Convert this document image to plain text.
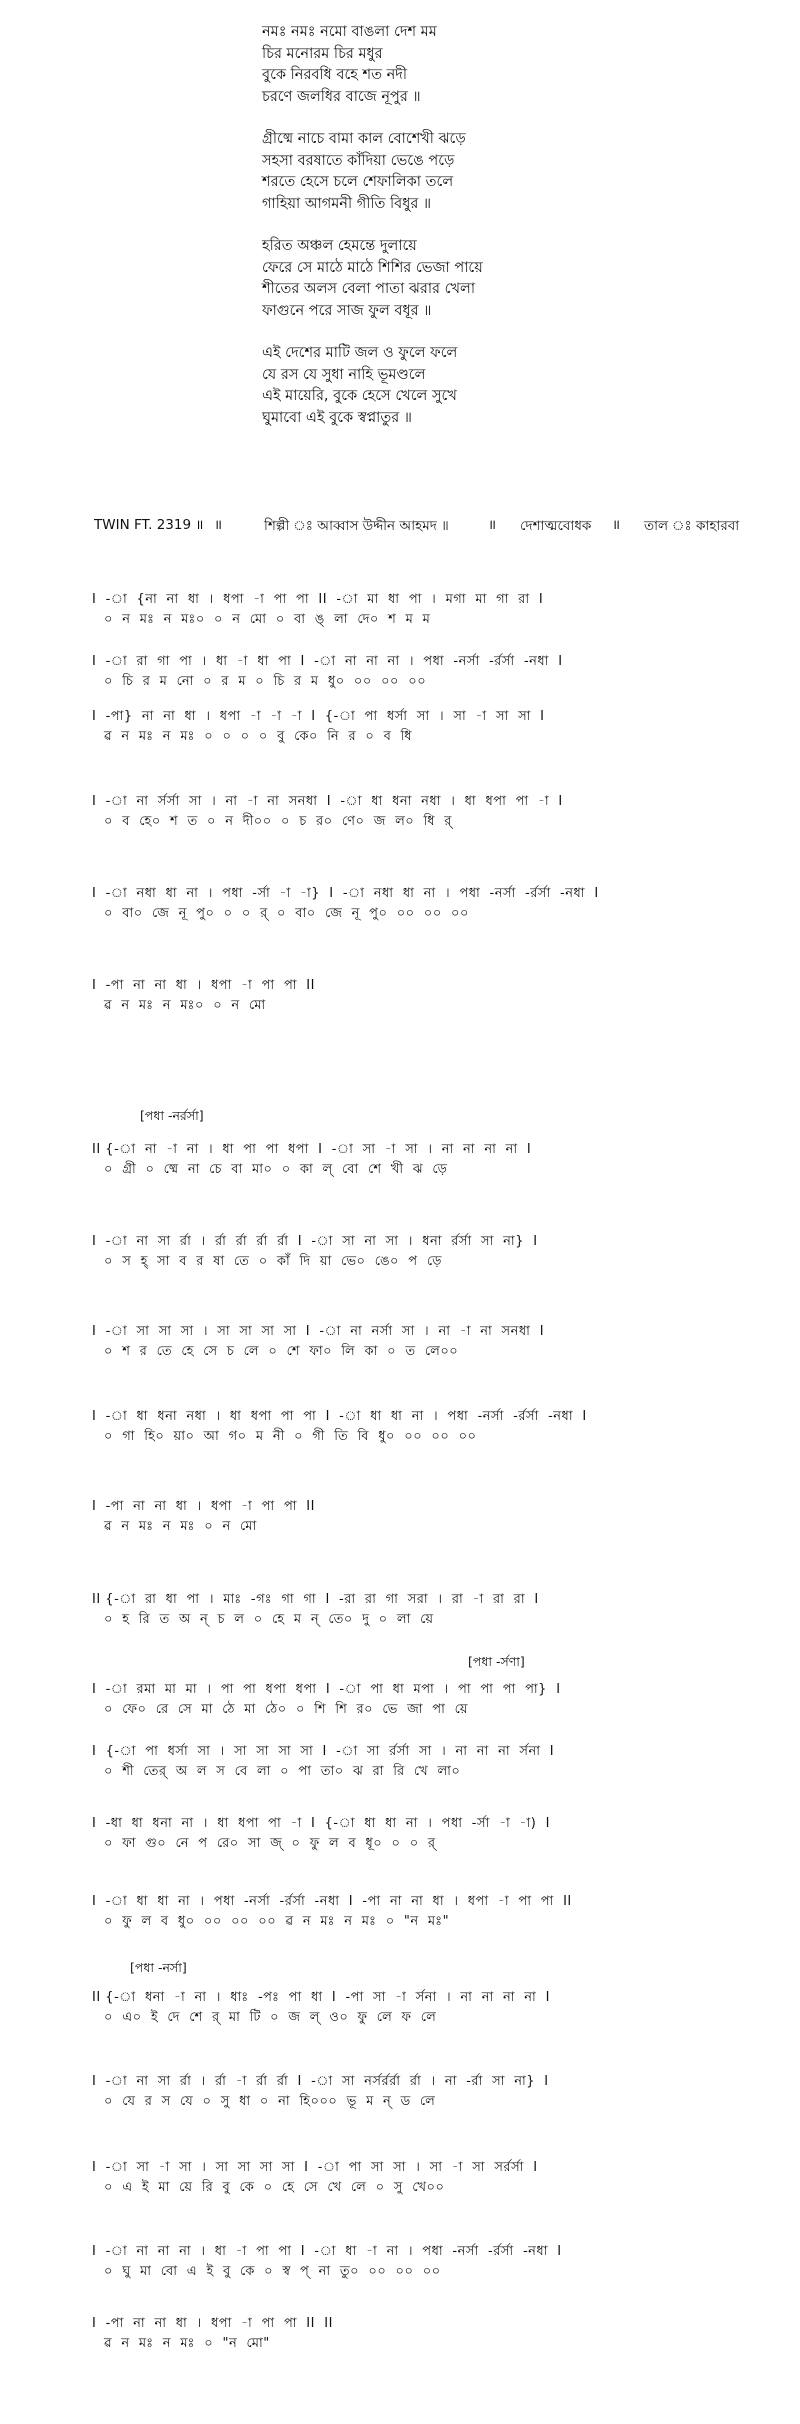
নমঃ নমঃ নমো বাঙলা দেশ মম
চির মনোরম চির মধুর
বুকে নিরবধি বহে শত নদী
চরণে জলধির বাজে নূপুর ॥
গ্রীষ্মে নাচে বামা কাল বোশেখী ঝড়ে
সহসা বরষাতে কাঁদিয়া ভেঙে পড়ে
শরতে হেসে চলে শেফালিকা তলে
গাহিয়া আগমনী গীতি বিধুর ॥
হরিত অঞ্চল হেমন্তে দুলায়ে
ফেরে সে মাঠে মাঠে শিশির ভেজা পায়ে
শীতের অলস বেলা পাতা ঝরার খেলা
ফাগুনে পরে সাজ ফুল বধূর ॥
এই দেশের মাটি জল ও ফুলে ফলে
যে রস যে সুধা নাহি ভূমণ্ডলে
এই মায়েরি, বুকে হেসে খেলে সুখে
ঘুমাবো এই বুকে স্বপ্নাতুর ॥
TWIN FT. 2319 ॥ ॥	শিল্পী ঃ আব্বাস উদ্দীন আহমদ ॥	॥ দেশাত্মবোধক ॥ তাল ঃ কাহারবা
I  -া  {না  না  ধা  ।  ধপা  -া  পা  পা  II  -া  মা  ধা  পা  ।  মগা  মা  গা  রা  I
০  ন  মঃ  ন  মঃ০  ০  ন  মো  ০  বা  ঙ্  লা  দে০  শ  ম  ম
I  -া  রা  গা  পা  ।  ধা  -া  ধা  পা  I  -া  না  না  না  ।  পধা  -নর্সা  -র্রর্সা  -নধা  I
০  চি  র  ম  নো  ০  র  ম  ০  চি  র  ম  ধু০  ০০  ০০  ০০
I  -পা}  না  না  ধা  ।  ধপা  -া  -া  -া  I  {-া  পা  ধর্সা  সা  ।  সা  -া  সা  সা  I
ৱ  ন  মঃ  ন  মঃ  ০  ০  ০  ০  বু  কে০  নি  র  ০  ব  ধি
I  -া  না  র্সর্সা  সা  ।  না  -া  না  সনধা  I  -া  ধা  ধনা  নধা  ।  ধা  ধপা  পা  -া  I
০  ব  হে০  শ  ত  ০  ন  দী০০  ০  চ  র০  ণে০  জ  ল০  ধি  র্
I  -া  নধা  ধা  না  ।  পধা  -র্সা  -া  -া}  I  -া  নধা  ধা  না  ।  পধা  -নর্সা  -র্রর্সা  -নধা  I
০  বা০  জে  নূ  পু০  ০  ০  র্  ০  বা০  জে  নূ  পু০  ০০  ০০  ০০
I  -পা  না  না  ধা  ।  ধপা  -া  পা  পা  II
ৱ  ন  মঃ  ন  মঃ০  ০  ন  মো
[পধা -নর্রর্সা]
II {-া  না  -া  না  ।  ধা  পা  পা  ধপা  I  -া  সা  -া  সা  ।  না  না  না  না  I
০  গ্রী  ০  ষ্মে  না  চে  বা  মা০  ০  কা  ল্  বো  শে  খী  ঝ  ড়ে
I  -া  না  সা  র্রা  ।  র্রা  র্রা  র্রা  র্রা  I  -া  সা  না  সা  ।  ধনা  র্রর্সা  সা  না}  I
০  স  হ্  সা  ব  র  ষা  তে  ০  কাঁ  দি  য়া  ভে০  ঙে০  প  ড়ে
I  -া  সা  সা  সা  ।  সা  সা  সা  সা  I  -া  না  নর্সা  সা  ।  না  -া  না  সনধা  I
০  শ  র  তে  হে  সে  চ  লে  ০  শে  ফা০  লি  কা  ০  ত  লে০০
I  -া  ধা  ধনা  নধা  ।  ধা  ধপা  পা  পা  I  -া  ধা  ধা  না  ।  পধা  -নর্সা  -র্রর্সা  -নধা  I
০  গা  হি০  য়া০  আ  গ০  ম  নী  ০  গী  তি  বি  ধু০  ০০  ০০  ০০
I  -পা  না  না  ধা  ।  ধপা  -া  পা  পা  II
ৱ  ন  মঃ  ন  মঃ  ০  ন  মো
II {-া  রা  ধা  পা  ।  মাঃ  -গঃ  গা  গা  I  -রা  রা  গা  সরা  ।  রা  -া  রা  রা  I
০  হ  রি  ত  অ  ন্  চ  ল  ০  হে  ম  ন্  তে০  দু  ০  লা  য়ে
[পধা -র্সণা]
I  -া  রমা  মা  মা  ।  পা  পা  ধপা  ধপা  I  -া  পা  ধা  মপা  ।  পা  পা  পা  পা}  I
০  ফে০  রে  সে  মা  ঠে  মা  ঠে০  ০  শি  শি  র০  ভে  জা  পা  য়ে
I  {-া  পা  ধর্সা  সা  ।  সা  সা  সা  সা  I  -া  সা  র্রর্সা  সা  ।  না  না  না  র্সনা  I
০  শী  তের্  অ  ল  স  বে  লা  ০  পা  তা০  ঝ  রা  রি  খে  লা০
I  -ধা  ধা  ধনা  না  ।  ধা  ধপা  পা  -া  I  {-া  ধা  ধা  না  ।  পধা  -র্সা  -া  -া)  I
০  ফা  গু০  নে  প  রে০  সা  জ্  ০  ফু  ল  ব  ধূ০  ০  ০  র্
I  -া  ধা  ধা  না  ।  পধা  -নর্সা  -র্রর্সা  -নধা  I  -পা  না  না  ধা  ।  ধপা  -া  পা  পা  II
০  ফু  ল  ব  ধু০  ০০  ০০  ০০  ৱ  ন  মঃ  ন  মঃ  ০  "ন  মঃ"
[পধা -নর্সা]
II {-া  ধনা  -া  না  ।  ধাঃ  -পঃ  পা  ধা  I  -পা  সা  -া  র্সনা  ।  না  না  না  না  I
০  এ০  ই  দে  শে  র্  মা  টি  ০  জ  ল্  ও০  ফু  লে  ফ  লে
I  -া  না  সা  র্রা  ।  র্রা  -া  র্রা  র্রা  I  -া  সা  নর্সর্রর্রা  র্রা  ।  না  -র্রা  সা  না}  I
০  যে  র  স  যে  ০  সু  ধা  ০  না  হি০০০  ভূ  ম  ন্  ড  লে
I  -া  সা  -া  সা  ।  সা  সা  সা  সা  I  -া  পা  সা  সা  ।  সা  -া  সা  সর্রর্সা  I
০  এ  ই  মা  য়ে  রি  বু  কে  ০  হে  সে  খে  লে  ০  সু  খে০০
I  -া  না  না  না  ।  ধা  -া  পা  পা  I  -া  ধা  -া  না  ।  পধা  -নর্সা  -র্রর্সা  -নধা  I
০  ঘু  মা  বো  এ  ই  বু  কে  ০  স্ব  প্  না  তু০  ০০  ০০  ০০
I  -পা  না  না  ধা  ।  ধপা  -া  পা  পা  II  II
ৱ  ন  মঃ  ন  মঃ  ০  "ন  মো"
